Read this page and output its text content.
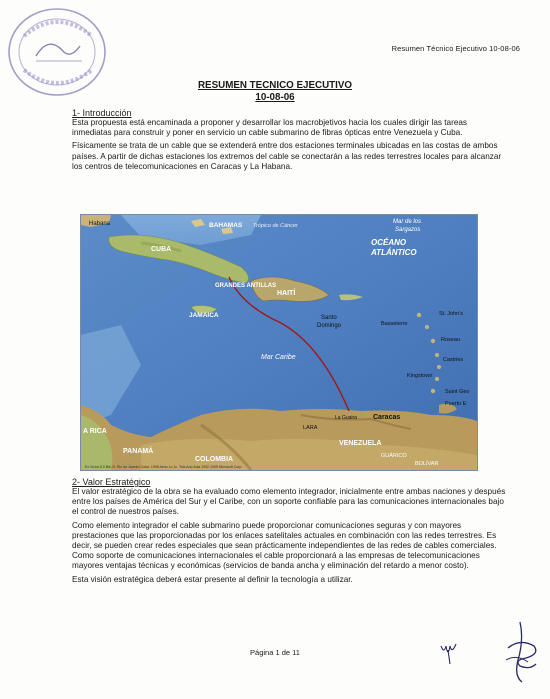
Resumen Técnico Ejecutivo 10-08-06
RESUMEN TECNICO EJECUTIVO
10-08-06

1- Introducción

Esta propuesta está encaminada a proponer y desarrollar los macrobjetivos hacia los cuales dirigir las tareas inmediatas para construir y poner en servicio un cable submarino de fibras ópticas entre Venezuela y Cuba.

Físicamente se trata de un cable que se extenderá entre dos estaciones terminales ubicadas en las costas de ambos países. A partir de dichas estaciones los extremos del cable se conectarán a las redes terrestres locales para alcanzar los centros de telecomunicaciones en Caracas y La Habana.

Habana	BAHAMAS Trópico de Cáncer
Mar de los
Sargazos
OCÉANO
ATLÁNTICO
CUBA
GRANDES ANTILLAS
HAITÍ
JAMAICA	Santo
Domingo	Basseterre
St. John's
Roseau
Castries
Kingstown
Mar Caribe
Saint Geo
Puerto E
Caracas
La Guaira
A RICA
PANAMÁ
COLOMBIA
VENEZUELA
GUÁRICO
BOLÍVAR
LARA
Ex Victor 5.0 Bis. D. Rio de Janeiro Cuba. 1998 Aerio Lo 1c. Tela Ano Acta 1992 1999 Microsoft Corp

2- Valor Estratégico

El valor estratégico de la obra se ha evaluado como elemento integrador, inicialmente entre ambas naciones y después entre los países de América del Sur y el Caribe, con un soporte confiable para las comunicaciones internacionales bajo el control de nuestros países.

Como elemento integrador el cable submarino puede proporcionar comunicaciones seguras y con mayores prestaciones que las proporcionadas por los enlaces satelitales actuales en combinación con las redes terrestres. Es decir, se pueden crear redes especiales que sean prácticamente independientes de las redes de cables comerciales.

Como soporte de comunicaciones internacionales el cable proporcionará a las empresas de telecomunicaciones mayores ventajas técnicas y económicas (servicios de banda ancha y eliminación del retardo a menor costo).

Esta visión estratégica deberá estar presente al definir la tecnología a utilizar.

Página 1 de 11
